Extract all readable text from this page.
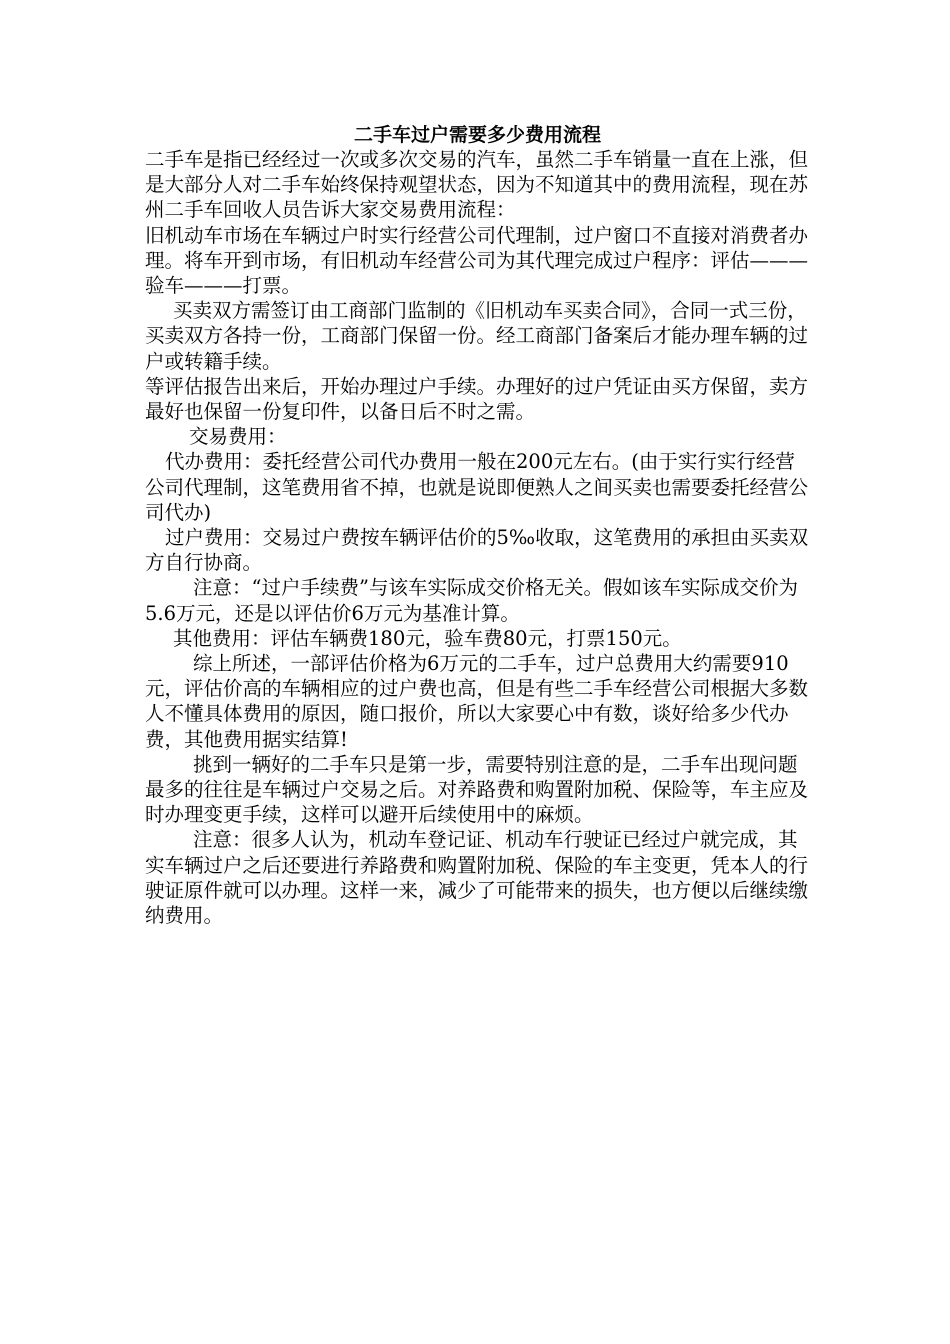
二手车过户需要多少费用流程

二手车是指已经经过一次或多次交易的汽车，虽然二手车销量一直在上涨，但是大部分人对二手车始终保持观望状态，因为不知道其中的费用流程，现在苏州二手车回收人员告诉大家交易费用流程：

旧机动车市场在车辆过户时实行经营公司代理制，过户窗口不直接对消费者办理。将车开到市场，有旧机动车经营公司为其代理完成过户程序：评估———验车———打票。

买卖双方需签订由工商部门监制的《旧机动车买卖合同》，合同一式三份，买卖双方各持一份，工商部门保留一份。经工商部门备案后才能办理车辆的过户或转籍手续。

等评估报告出来后，开始办理过户手续。办理好的过户凭证由买方保留，卖方最好也保留一份复印件，以备日后不时之需。

交易费用：

代办费用：委托经营公司代办费用一般在200元左右。(由于实行实行经营公司代理制，这笔费用省不掉，也就是说即便熟人之间买卖也需要委托经营公司代办)

过户费用：交易过户费按车辆评估价的5‰收取，这笔费用的承担由买卖双方自行协商。

注意：“过户手续费”与该车实际成交价格无关。假如该车实际成交价为5.6万元，还是以评估价6万元为基准计算。

其他费用：评估车辆费180元，验车费80元，打票150元。

综上所述，一部评估价格为6万元的二手车，过户总费用大约需要910元，评估价高的车辆相应的过户费也高，但是有些二手车经营公司根据大多数人不懂具体费用的原因，随口报价，所以大家要心中有数，谈好给多少代办费，其他费用据实结算!

挑到一辆好的二手车只是第一步，需要特别注意的是，二手车出现问题最多的往往是车辆过户交易之后。对养路费和购置附加税、保险等，车主应及时办理变更手续，这样可以避开后续使用中的麻烦。

注意：很多人认为，机动车登记证、机动车行驶证已经过户就完成，其实车辆过户之后还要进行养路费和购置附加税、保险的车主变更，凭本人的行驶证原件就可以办理。这样一来，减少了可能带来的损失，也方便以后继续缴纳费用。
